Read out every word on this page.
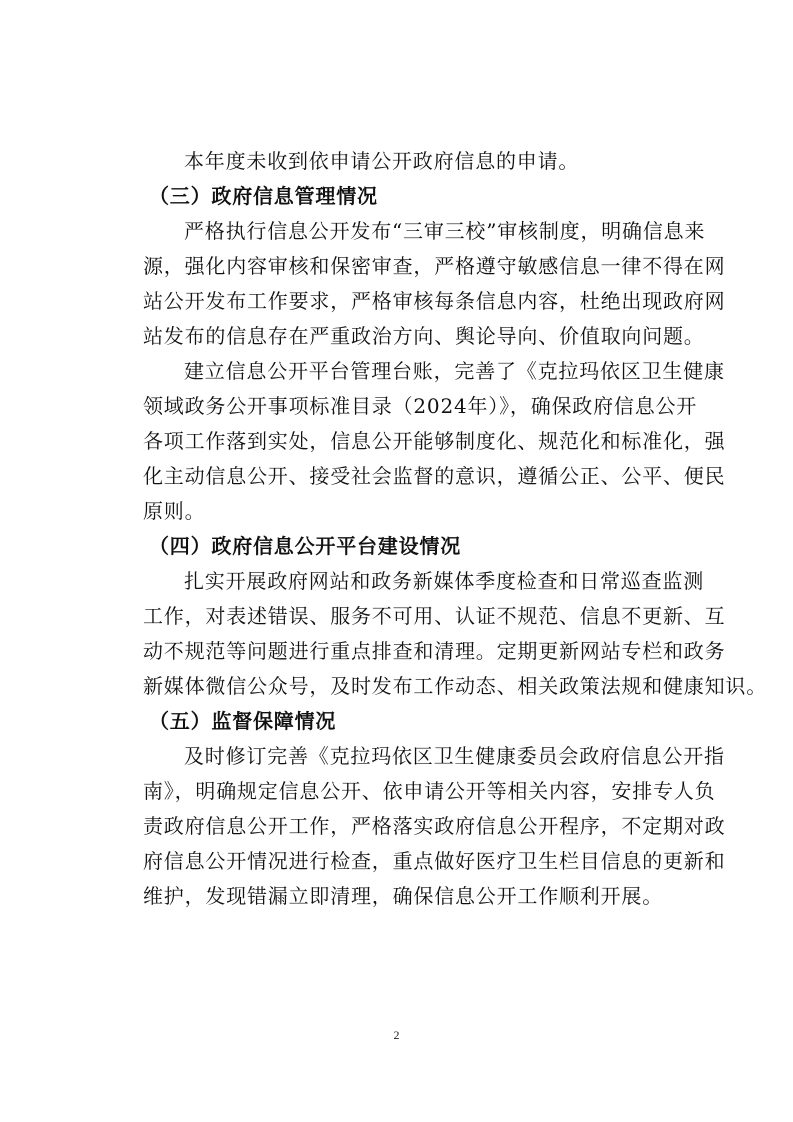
本年度未收到依申请公开政府信息的申请。
（三）政府信息管理情况
严格执行信息公开发布“三审三校”审核制度，明确信息来
源，强化内容审核和保密审查，严格遵守敏感信息一律不得在网
站公开发布工作要求，严格审核每条信息内容，杜绝出现政府网
站发布的信息存在严重政治方向、舆论导向、价值取向问题。
建立信息公开平台管理台账，完善了《克拉玛依区卫生健康
领域政务公开事项标准目录（2024年）》，确保政府信息公开
各项工作落到实处，信息公开能够制度化、规范化和标准化，强
化主动信息公开、接受社会监督的意识，遵循公正、公平、便民
原则。
（四）政府信息公开平台建设情况
扎实开展政府网站和政务新媒体季度检查和日常巡查监测
工作，对表述错误、服务不可用、认证不规范、信息不更新、互
动不规范等问题进行重点排查和清理。定期更新网站专栏和政务
新媒体微信公众号，及时发布工作动态、相关政策法规和健康知识。
（五）监督保障情况
及时修订完善《克拉玛依区卫生健康委员会政府信息公开指
南》，明确规定信息公开、依申请公开等相关内容，安排专人负
责政府信息公开工作，严格落实政府信息公开程序，不定期对政
府信息公开情况进行检查，重点做好医疗卫生栏目信息的更新和
维护，发现错漏立即清理，确保信息公开工作顺利开展。
2
